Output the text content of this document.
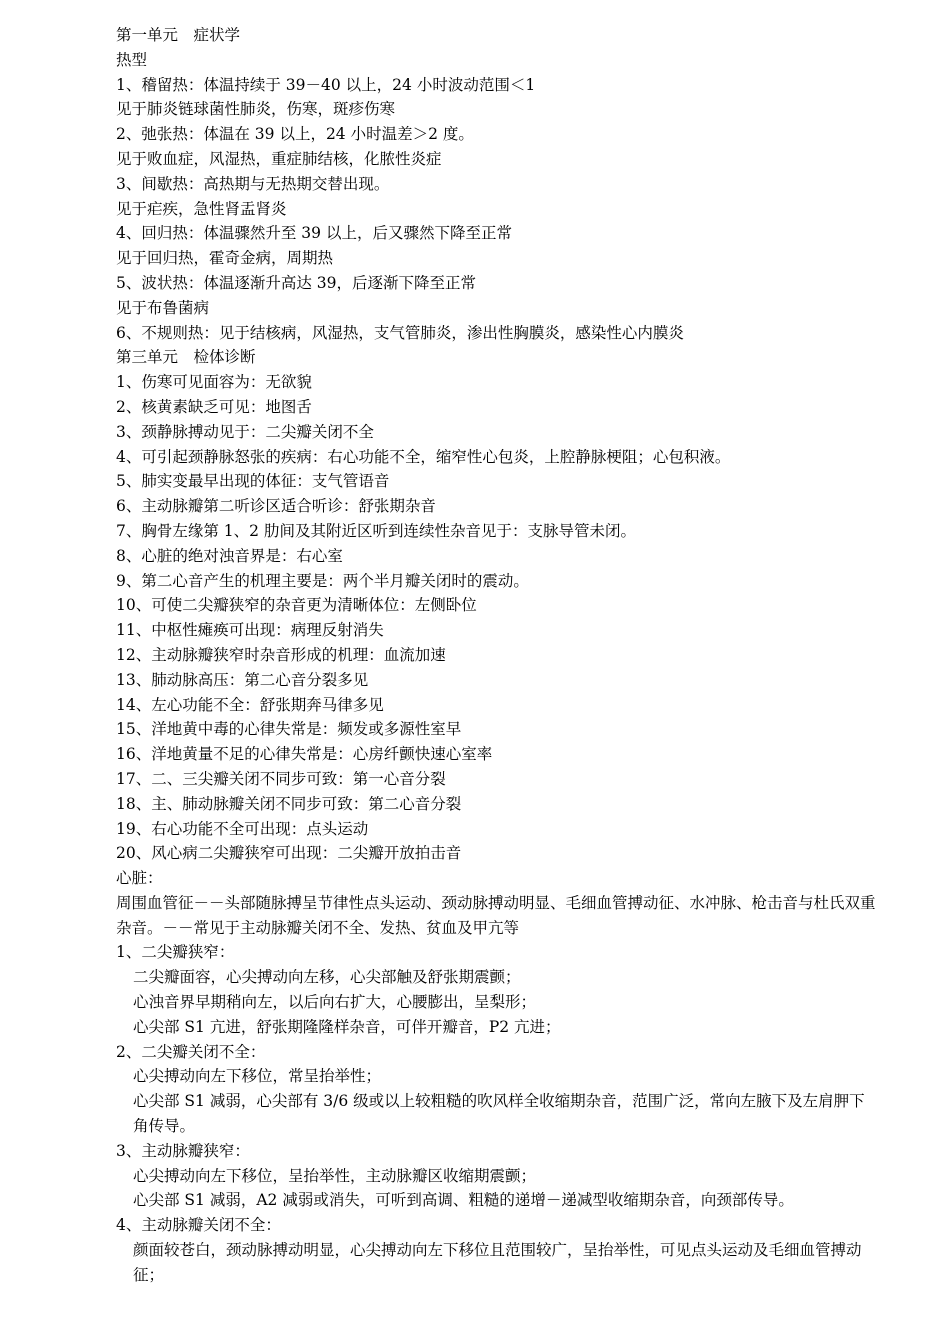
第一单元　症状学

热型

1、稽留热：体温持续于 39－40 以上，24 小时波动范围＜1

见于肺炎链球菌性肺炎，伤寒，斑疹伤寒

2、弛张热：体温在 39 以上，24 小时温差＞2 度。

见于败血症，风湿热，重症肺结核，化脓性炎症

3、间歇热：高热期与无热期交替出现。

见于疟疾，急性肾盂肾炎

4、回归热：体温骤然升至 39 以上，后又骤然下降至正常

见于回归热，霍奇金病，周期热

5、波状热：体温逐渐升高达 39，后逐渐下降至正常

见于布鲁菌病

6、不规则热：见于结核病，风湿热，支气管肺炎，渗出性胸膜炎，感染性心内膜炎

第三单元　检体诊断

1、伤寒可见面容为：无欲貌

2、核黄素缺乏可见：地图舌

3、颈静脉搏动见于：二尖瓣关闭不全

4、可引起颈静脉怒张的疾病：右心功能不全，缩窄性心包炎，上腔静脉梗阻；心包积液。

5、肺实变最早出现的体征：支气管语音

6、主动脉瓣第二听诊区适合听诊：舒张期杂音

7、胸骨左缘第 1、2 肋间及其附近区听到连续性杂音见于：支脉导管未闭。

8、心脏的绝对浊音界是：右心室

9、第二心音产生的机理主要是：两个半月瓣关闭时的震动。

10、可使二尖瓣狭窄的杂音更为清晰体位：左侧卧位

11、中枢性瘫痪可出现：病理反射消失

12、主动脉瓣狭窄时杂音形成的机理：血流加速

13、肺动脉高压：第二心音分裂多见

14、左心功能不全：舒张期奔马律多见

15、洋地黄中毒的心律失常是：频发或多源性室早

16、洋地黄量不足的心律失常是：心房纤颤快速心室率

17、二、三尖瓣关闭不同步可致：第一心音分裂

18、主、肺动脉瓣关闭不同步可致：第二心音分裂

19、右心功能不全可出现：点头运动

20、风心病二尖瓣狭窄可出现：二尖瓣开放拍击音

心脏：

周围血管征－－头部随脉搏呈节律性点头运动、颈动脉搏动明显、毛细血管搏动征、水冲脉、枪击音与杜氏双重杂音。－－常见于主动脉瓣关闭不全、发热、贫血及甲亢等

1、二尖瓣狭窄：

二尖瓣面容，心尖搏动向左移，心尖部触及舒张期震颤；

心浊音界早期稍向左，以后向右扩大，心腰膨出，呈梨形；

心尖部 S1 亢进，舒张期隆隆样杂音，可伴开瓣音，P2 亢进；

2、二尖瓣关闭不全：

心尖搏动向左下移位，常呈抬举性；

心尖部 S1 减弱，心尖部有 3/6 级或以上较粗糙的吹风样全收缩期杂音，范围广泛，常向左腋下及左肩胛下角传导。

3、主动脉瓣狭窄：

心尖搏动向左下移位，呈抬举性，主动脉瓣区收缩期震颤；

心尖部 S1 减弱，A2 减弱或消失，可听到高调、粗糙的递增－递减型收缩期杂音，向颈部传导。

4、主动脉瓣关闭不全：

颜面较苍白，颈动脉搏动明显，心尖搏动向左下移位且范围较广，呈抬举性，可见点头运动及毛细血管搏动征；
